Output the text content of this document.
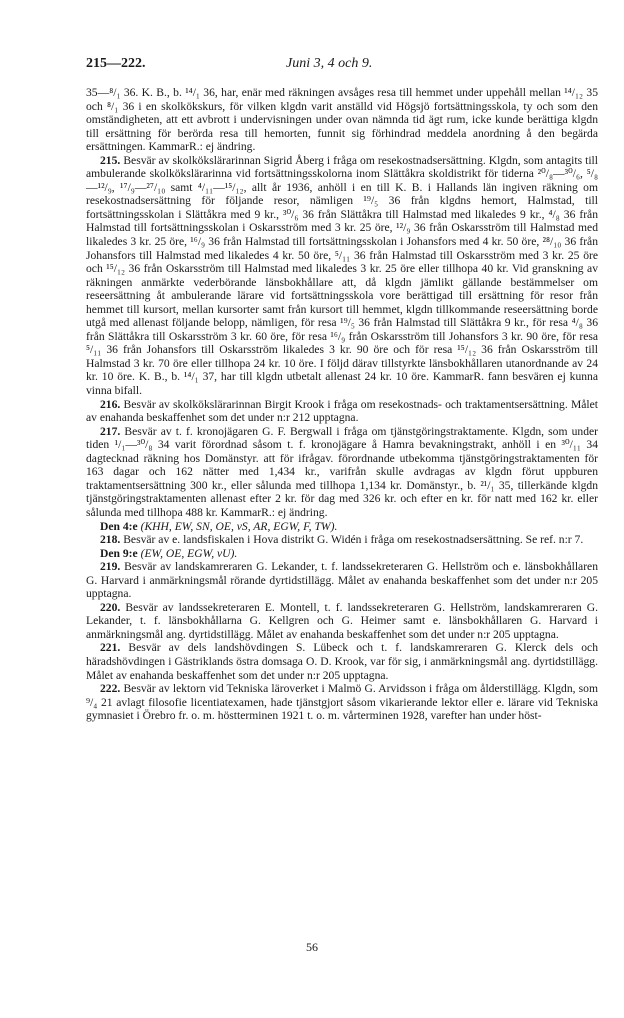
215—222.	Juni 3, 4 och 9.

35—⁸/₁ 36. K. B., b. ¹⁴/₁ 36, har, enär med räkningen avsåges resa till hemmet under uppehåll mellan ¹⁴/₁₂ 35 och ⁸/₁ 36 i en skolkökskurs, för vilken klgdn varit anställd vid Högsjö fortsättningsskola, ty och som den omständigheten, att ett avbrott i undervisningen under ovan nämnda tid ägt rum, icke kunde berättiga klgdn till ersättning för berörda resa till hemorten, funnit sig förhindrad meddela anordning å den begärda ersättningen. KammarR.: ej ändring.

215. Besvär av skolkökslärarinnan Sigrid Åberg i fråga om resekostnadsersättning. Klgdn, som antagits till ambulerande skolkökslärarinna vid fortsättningsskolorna inom Slättåkra skoldistrikt för tiderna ²⁰/₈—³⁰/₆, ⁵/₈—¹²/₉, ¹⁷/₉—²⁷/₁₀ samt ⁴/₁₁—¹⁵/₁₂, allt år 1936, anhöll i en till K. B. i Hallands län ingiven räkning om resekostnadsersättning för följande resor, nämligen ¹⁹/₅ 36 från klgdns hemort, Halmstad, till fortsättningsskolan i Slättåkra med 9 kr., ³⁰/₆ 36 från Slättåkra till Halmstad med likaledes 9 kr., ⁴/₈ 36 från Halmstad till fortsättningsskolan i Oskarsström med 3 kr. 25 öre, ¹²/₉ 36 från Oskarsström till Halmstad med likaledes 3 kr. 25 öre, ¹⁶/₉ 36 från Halmstad till fortsättningsskolan i Johansfors med 4 kr. 50 öre, ²⁸/₁₀ 36 från Johansfors till Halmstad med likaledes 4 kr. 50 öre, ⁵/₁₁ 36 från Halmstad till Oskarsström med 3 kr. 25 öre och ¹⁵/₁₂ 36 från Oskarsström till Halmstad med likaledes 3 kr. 25 öre eller tillhopa 40 kr. Vid granskning av räkningen anmärkte vederbörande länsbokhållare att, då klgdn jämlikt gällande bestämmelser om reseersättning åt ambulerande lärare vid fortsättningsskola vore berättigad till ersättning för resor från hemmet till kursort, mellan kursorter samt från kursort till hemmet, klgdn tillkommande reseersättning borde utgå med allenast följande belopp, nämligen, för resa ¹⁹/₅ 36 från Halmstad till Slättåkra 9 kr., för resa ⁴/₈ 36 från Slättåkra till Oskarsström 3 kr. 60 öre, för resa ¹⁶/₉ från Oskarsström till Johansfors 3 kr. 90 öre, för resa ⁵/₁₁ 36 från Johansfors till Oskarsström likaledes 3 kr. 90 öre och för resa ¹⁵/₁₂ 36 från Oskarsström till Halmstad 3 kr. 70 öre eller tillhopa 24 kr. 10 öre. I följd därav tillstyrkte länsbokhållaren utanordnande av 24 kr. 10 öre. K. B., b. ¹⁴/₁ 37, har till klgdn utbetalt allenast 24 kr. 10 öre. KammarR. fann besvären ej kunna vinna bifall.

216. Besvär av skolkökslärarinnan Birgit Krook i fråga om resekostnads- och traktamentsersättning. Målet av enahanda beskaffenhet som det under n:r 212 upptagna.

217. Besvär av t. f. kronojägaren G. F. Bergwall i fråga om tjänstgöringstraktamente. Klgdn, som under tiden ¹/₁—³⁰/₈ 34 varit förordnad såsom t. f. kronojägare å Hamra bevakningstrakt, anhöll i en ³⁰/₁₁ 34 dagtecknad räkning hos Domänstyr. att för ifrågav. förordnande utbekomma tjänstgöringstraktamenten för 163 dagar och 162 nätter med 1,434 kr., varifrån skulle avdragas av klgdn förut uppburen traktamentsersättning 300 kr., eller sålunda med tillhopa 1,134 kr. Domänstyr., b. ²¹/₁ 35, tillerkände klgdn tjänstgöringstraktamenten allenast efter 2 kr. för dag med 326 kr. och efter en kr. för natt med 162 kr. eller sålunda med tillhopa 488 kr. KammarR.: ej ändring.

Den 4:e (KHH, EW, SN, OE, vS, AR, EGW, F, TW).

218. Besvär av e. landsfiskalen i Hova distrikt G. Widén i fråga om resekostnadsersättning. Se ref. n:r 7.

Den 9:e (EW, OE, EGW, vU).

219. Besvär av landskamreraren G. Lekander, t. f. landssekreteraren G. Hellström och e. länsbokhållaren G. Harvard i anmärkningsmål rörande dyrtidstillägg. Målet av enahanda beskaffenhet som det under n:r 205 upptagna.

220. Besvär av landssekreteraren E. Montell, t. f. landssekreteraren G. Hellström, landskamreraren G. Lekander, t. f. länsbokhållarna G. Kellgren och G. Heimer samt e. länsbokhållaren G. Harvard i anmärkningsmål ang. dyrtidstillägg. Målet av enahanda beskaffenhet som det under n:r 205 upptagna.

221. Besvär av dels landshövdingen S. Lübeck och t. f. landskamreraren G. Klerck dels och häradshövdingen i Gästriklands östra domsaga O. D. Krook, var för sig, i anmärkningsmål ang. dyrtidstillägg. Målet av enahanda beskaffenhet som det under n:r 205 upptagna.

222. Besvär av lektorn vid Tekniska läroverket i Malmö G. Arvidsson i fråga om ålderstillägg. Klgdn, som ⁹/₄ 21 avlagt filosofie licentiatexamen, hade tjänstgjort såsom vikarierande lektor eller e. lärare vid Tekniska gymnasiet i Örebro fr. o. m. höstterminen 1921 t. o. m. vårterminen 1928, varefter han under höst-

56
